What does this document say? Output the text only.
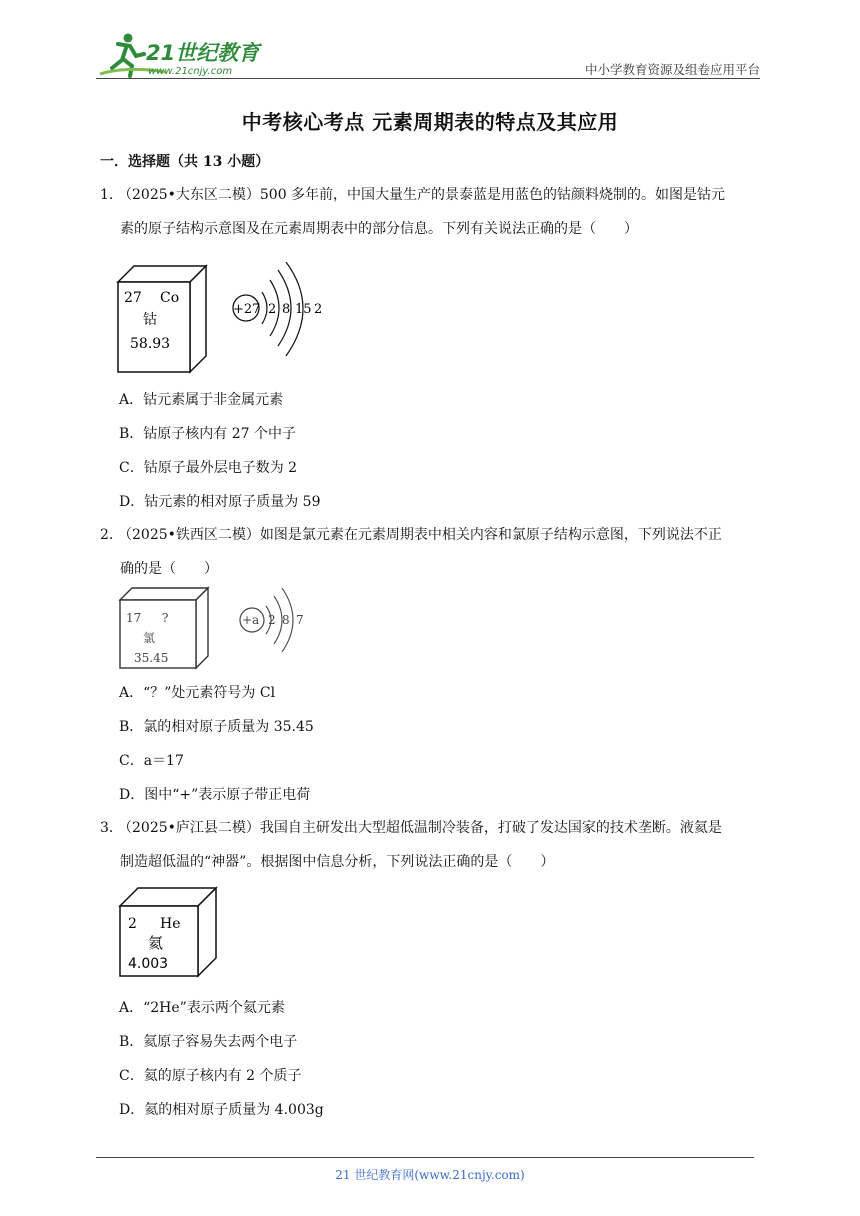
21世纪教育
www.21cnjy.com	中小学教育资源及组卷应用平台
中考核心考点 元素周期表的特点及其应用
一．选择题（共 13 小题）
1．（2025•大东区二模）500 多年前，中国大量生产的景泰蓝是用蓝色的钴颜料烧制的。如图是钴元
素的原子结构示意图及在元素周期表中的部分信息。下列有关说法正确的是（　　）
27 Co
钴
58.93
+27 2 8 15 2
A．钴元素属于非金属元素
B．钴原子核内有 27 个中子
C．钴原子最外层电子数为 2
D．钴元素的相对原子质量为 59
2．（2025•铁西区二模）如图是氯元素在元素周期表中相关内容和氯原子结构示意图，下列说法不正
确的是（　　）
17 ?
氯
35.45
+a 2 8 7
A．“？”处元素符号为 Cl
B．氯的相对原子质量为 35.45
C．a＝17
D．图中“+”表示原子带正电荷
3．（2025•庐江县二模）我国自主研发出大型超低温制冷装备，打破了发达国家的技术垄断。液氦是
制造超低温的“神器”。根据图中信息分析，下列说法正确的是（　　）
2 He
氦
4.003
A．“2He”表示两个氦元素
B．氦原子容易失去两个电子
C．氦的原子核内有 2 个质子
D．氦的相对原子质量为 4.003g
21 世纪教育网(www.21cnjy.com)
